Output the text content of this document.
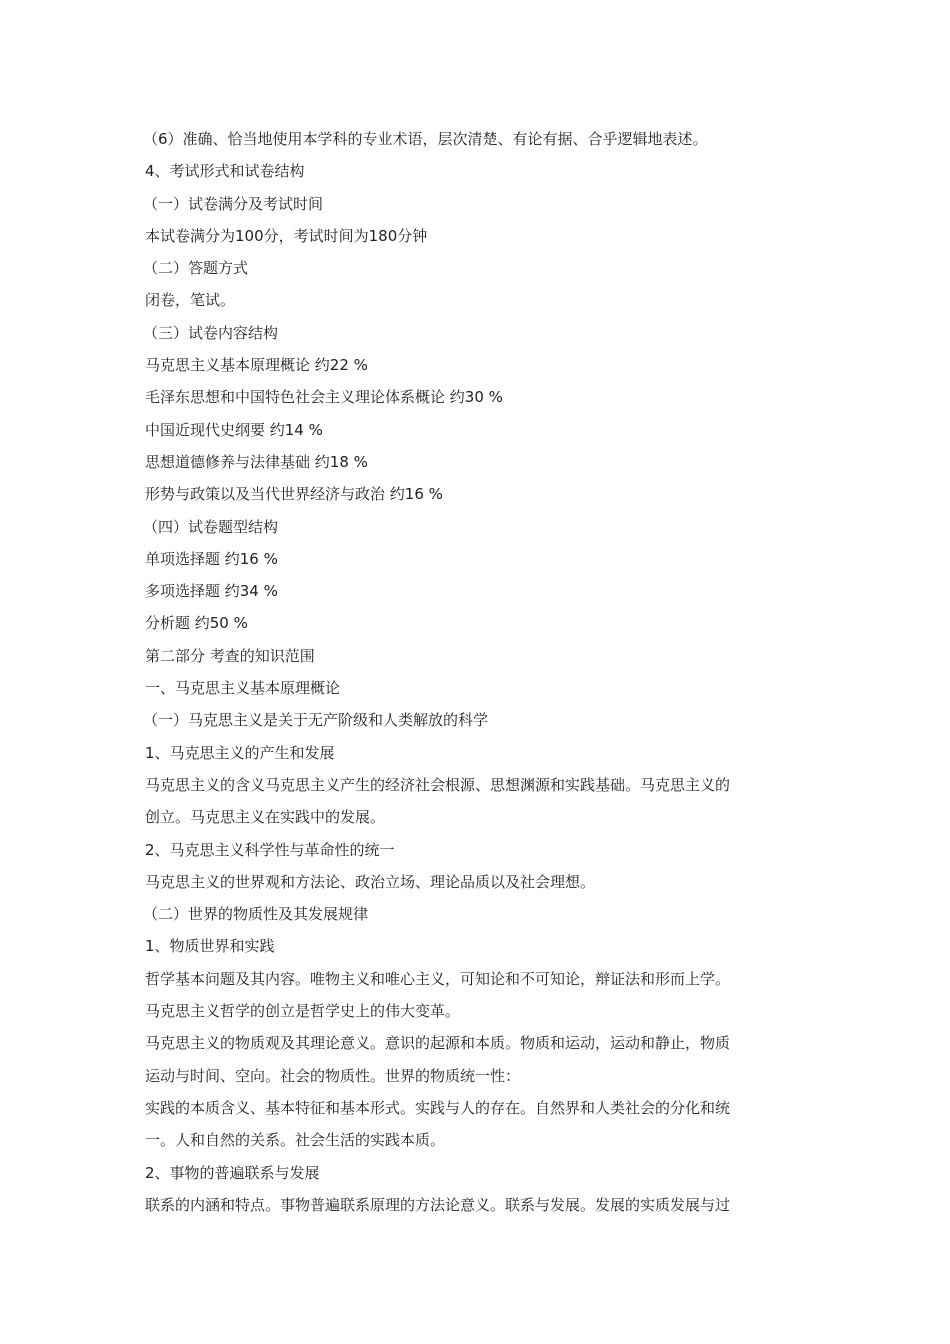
（6）准确、恰当地使用本学科的专业术语，层次清楚、有论有据、合乎逻辑地表述。

4、考试形式和试卷结构

（一）试卷满分及考试时间

本试卷满分为100分，考试时间为180分钟

（二）答题方式

闭卷，笔试。

（三）试卷内容结构

马克思主义基本原理概论 约22 %

毛泽东思想和中国特色社会主义理论体系概论 约30 %

中国近现代史纲要 约14 %

思想道德修养与法律基础 约18 %

形势与政策以及当代世界经济与政治 约16 %

（四）试卷题型结构

单项选择题 约16 %

多项选择题 约34 %

分析题 约50 %

第二部分 考查的知识范围

一、马克思主义基本原理概论

（一）马克思主义是关于无产阶级和人类解放的科学

1、马克思主义的产生和发展

马克思主义的含义马克思主义产生的经济社会根源、思想渊源和实践基础。马克思主义的

创立。马克思主义在实践中的发展。

2、马克思主义科学性与革命性的统一

马克思主义的世界观和方法论、政治立场、理论品质以及社会理想。

（二）世界的物质性及其发展规律

1、物质世界和实践

哲学基本问题及其内容。唯物主义和唯心主义，可知论和不可知论，辩证法和形而上学。

马克思主义哲学的创立是哲学史上的伟大变革。

马克思主义的物质观及其理论意义。意识的起源和本质。物质和运动，运动和静止，物质

运动与时间、空向。社会的物质性。世界的物质统一性：

实践的本质含义、基本特征和基本形式。实践与人的存在。自然界和人类社会的分化和统

一。人和自然的关系。社会生活的实践本质。

2、事物的普遍联系与发展

联系的内涵和特点。事物普遍联系原理的方法论意义。联系与发展。发展的实质发展与过
